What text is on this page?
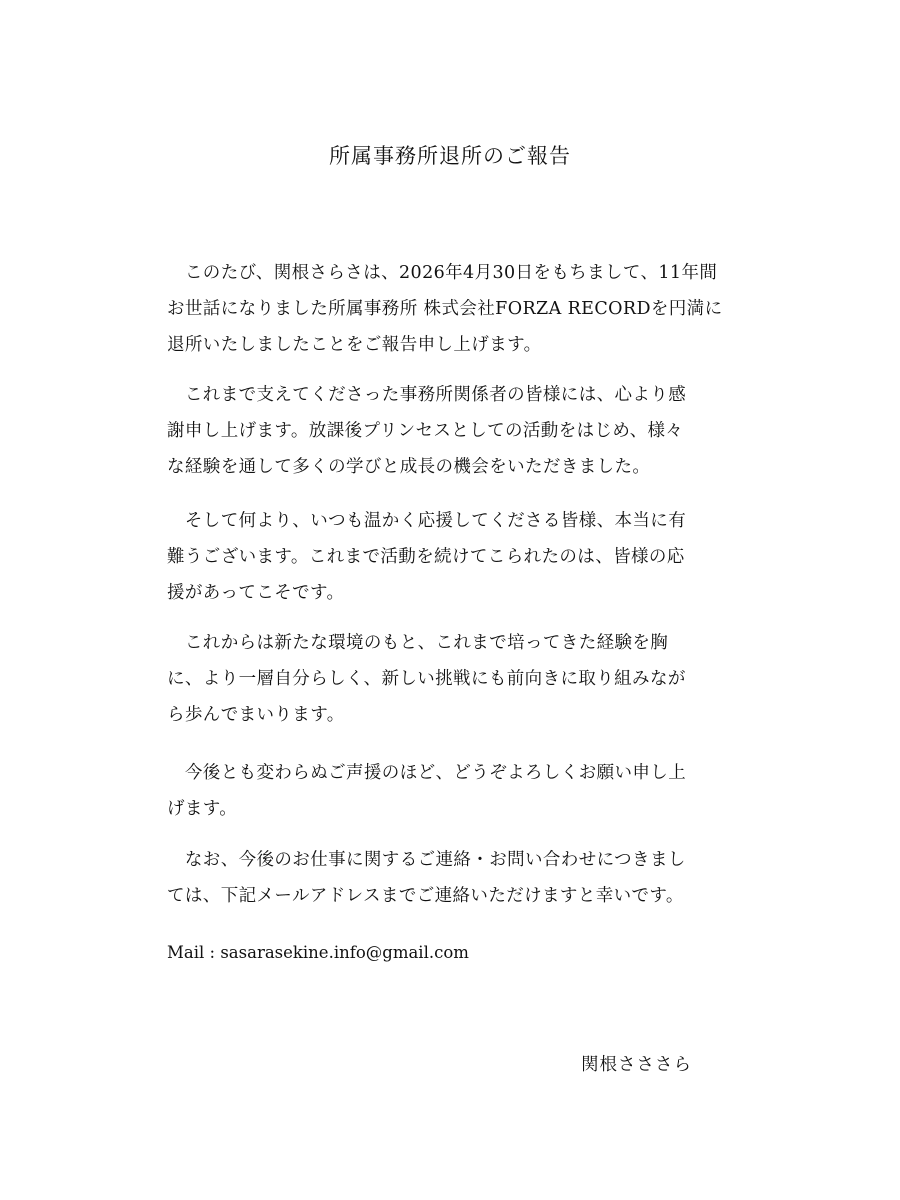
所属事務所退所のご報告

　このたび、関根さらさは、2026年4月30日をもちまして、11年間
お世話になりました所属事務所 株式会社FORZA RECORDを円満に
退所いたしましたことをご報告申し上げます。

　これまで支えてくださった事務所関係者の皆様には、心より感
謝申し上げます。放課後プリンセスとしての活動をはじめ、様々
な経験を通して多くの学びと成長の機会をいただきました。

　そして何より、いつも温かく応援してくださる皆様、本当に有
難うございます。これまで活動を続けてこられたのは、皆様の応
援があってこそです。

　これからは新たな環境のもと、これまで培ってきた経験を胸
に、より一層自分らしく、新しい挑戦にも前向きに取り組みなが
ら歩んでまいります。

　今後とも変わらぬご声援のほど、どうぞよろしくお願い申し上
げます。

　なお、今後のお仕事に関するご連絡・お問い合わせにつきまし
ては、下記メールアドレスまでご連絡いただけますと幸いです。

Mail : sasarasekine.info@gmail.com
関根さささら
